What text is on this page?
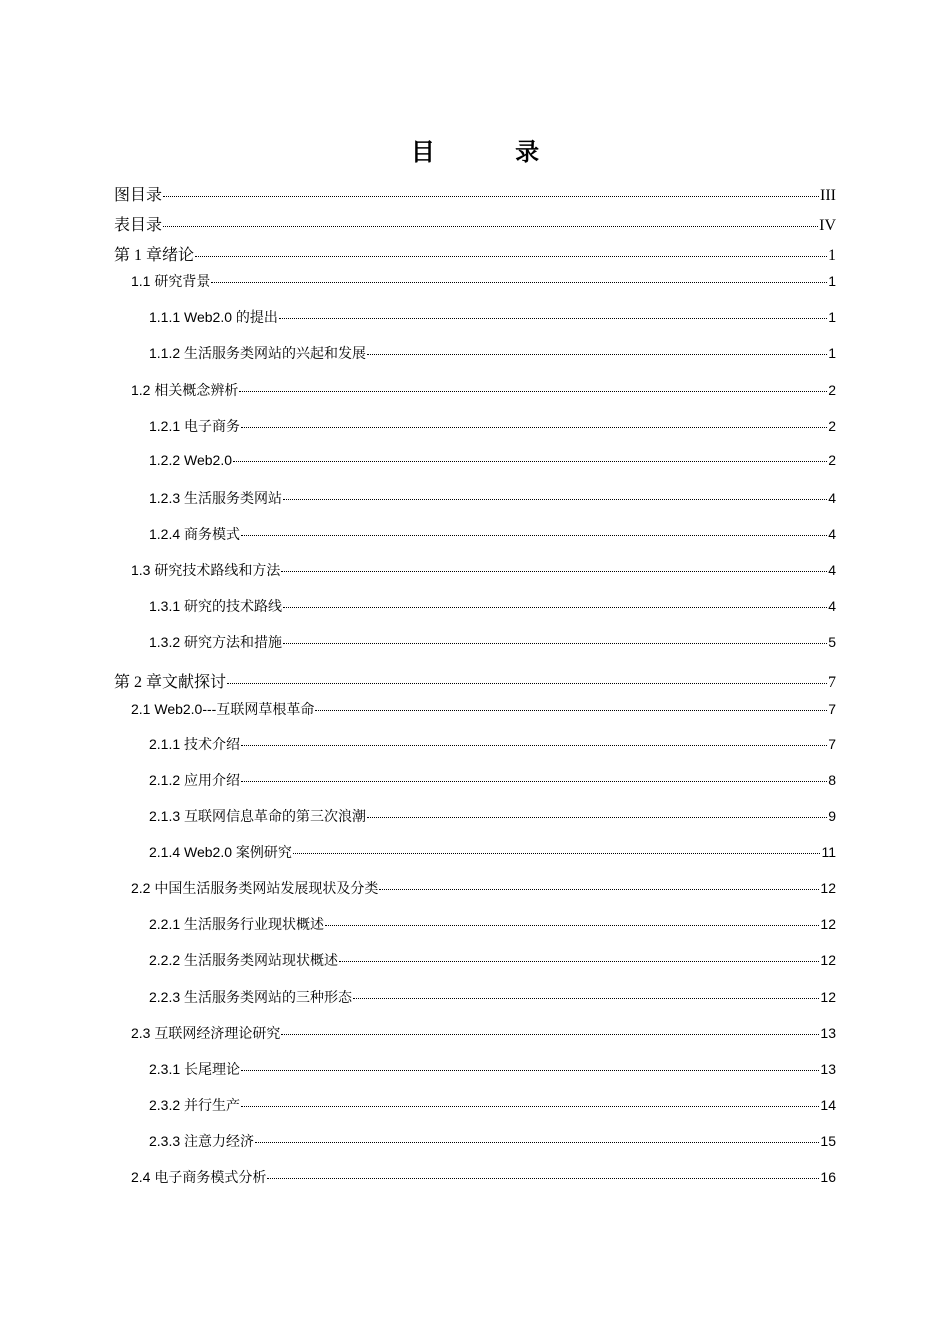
目 录
图目录	III
表目录	IV
第 1 章绪论	1
1.1 研究背景	1
1.1.1 Web2.0 的提出	1
1.1.2 生活服务类网站的兴起和发展	1
1.2 相关概念辨析	2
1.2.1 电子商务	2
1.2.2 Web2.0	2
1.2.3 生活服务类网站	4
1.2.4 商务模式	4
1.3 研究技术路线和方法	4
1.3.1 研究的技术路线	4
1.3.2 研究方法和措施	5
第 2 章文献探讨	7
2.1 Web2.0---互联网草根革命	7
2.1.1 技术介绍	7
2.1.2 应用介绍	8
2.1.3 互联网信息革命的第三次浪潮	9
2.1.4 Web2.0 案例研究	11
2.2 中国生活服务类网站发展现状及分类	12
2.2.1 生活服务行业现状概述	12
2.2.2 生活服务类网站现状概述	12
2.2.3 生活服务类网站的三种形态	12
2.3 互联网经济理论研究	13
2.3.1 长尾理论	13
2.3.2 并行生产	14
2.3.3 注意力经济	15
2.4 电子商务模式分析	16
